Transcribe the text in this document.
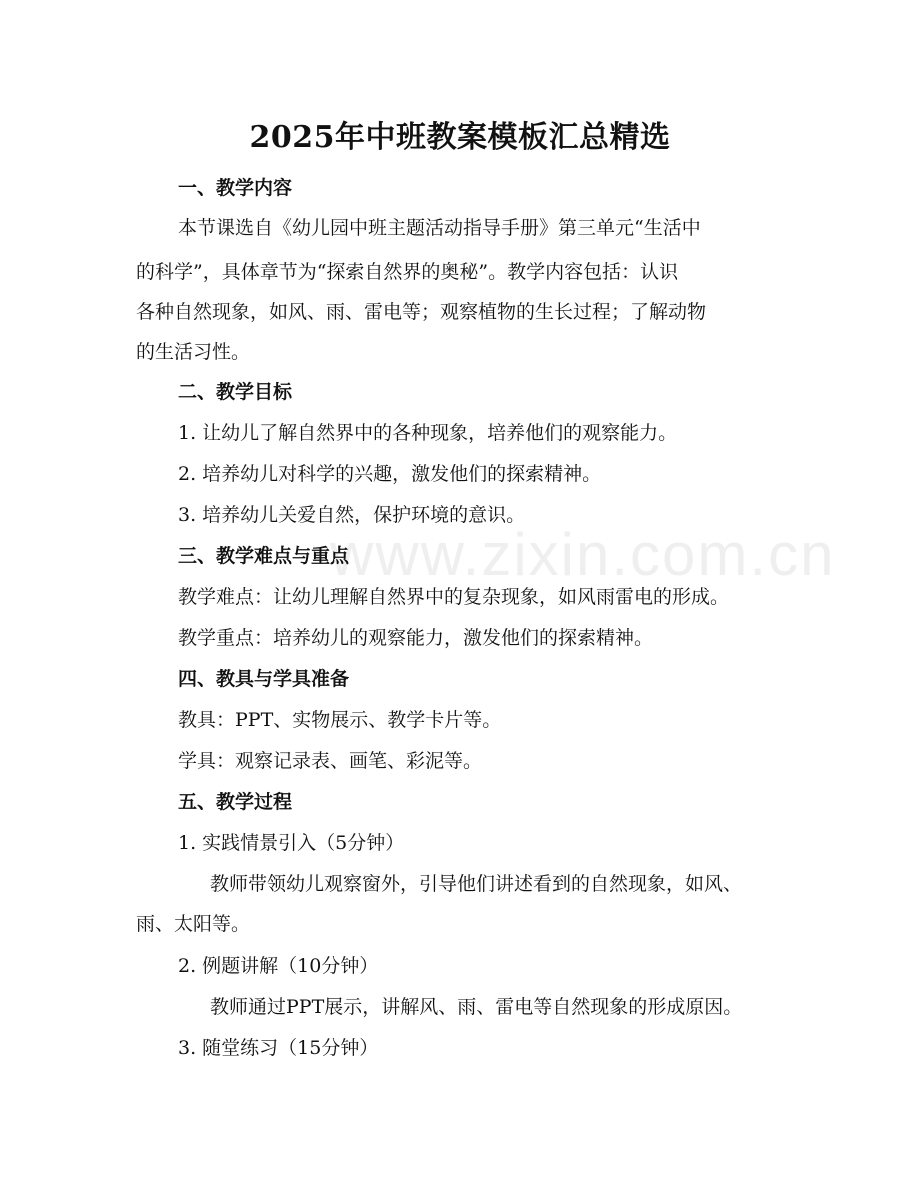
www.zixin.com.cn
2025年中班教案模板汇总精选
一、教学内容
本节课选自《幼儿园中班主题活动指导手册》第三单元“生活中
的科学”，具体章节为“探索自然界的奥秘”。教学内容包括：认识
各种自然现象，如风、雨、雷电等；观察植物的生长过程；了解动物
的生活习性。
二、教学目标
1. 让幼儿了解自然界中的各种现象，培养他们的观察能力。
2. 培养幼儿对科学的兴趣，激发他们的探索精神。
3. 培养幼儿关爱自然，保护环境的意识。
三、教学难点与重点
教学难点：让幼儿理解自然界中的复杂现象，如风雨雷电的形成。
教学重点：培养幼儿的观察能力，激发他们的探索精神。
四、教具与学具准备
教具：PPT、实物展示、教学卡片等。
学具：观察记录表、画笔、彩泥等。
五、教学过程
1. 实践情景引入（5分钟）
教师带领幼儿观察窗外，引导他们讲述看到的自然现象，如风、
雨、太阳等。
2. 例题讲解（10分钟）
教师通过PPT展示，讲解风、雨、雷电等自然现象的形成原因。
3. 随堂练习（15分钟）
